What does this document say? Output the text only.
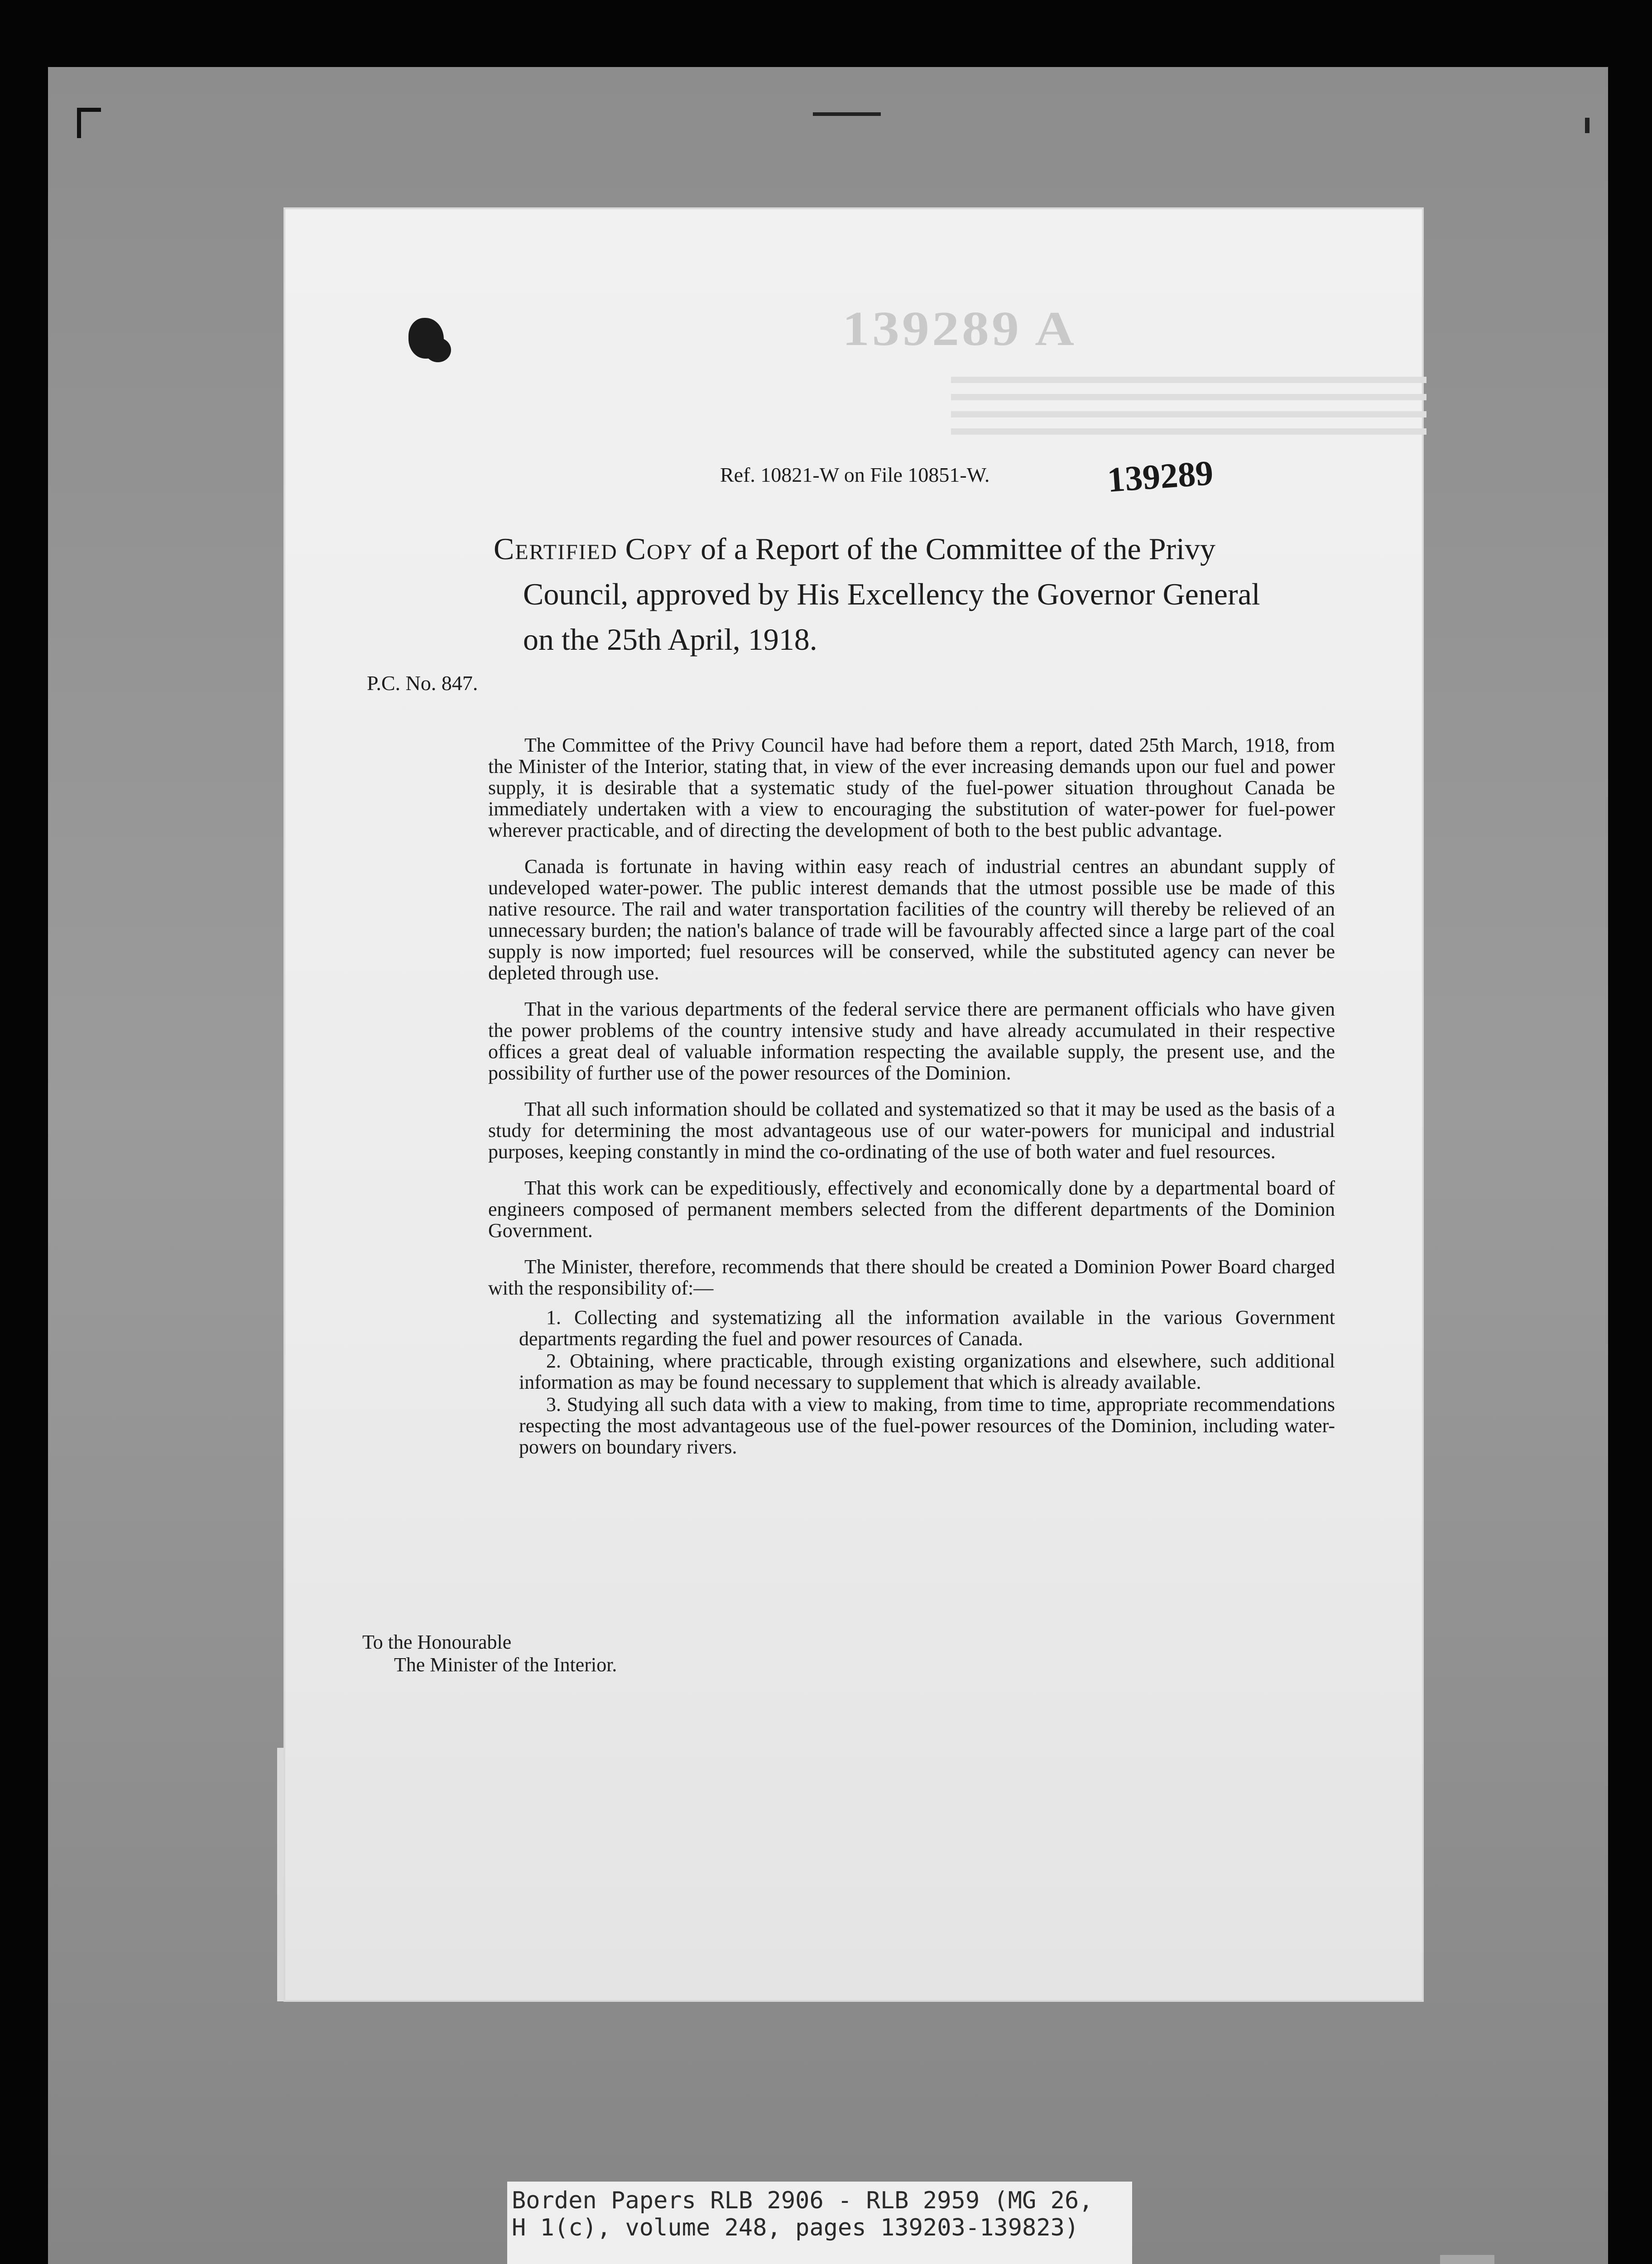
139289 A
Ref. 10821-W on File 10851-W.	139289
Certified Copy of a Report of the Committee of the Privy
Council, approved by His Excellency the Governor General
on the 25th April, 1918.
P.C. No. 847.

The Committee of the Privy Council have had before them a report, dated 25th March, 1918, from the Minister of the Interior, stating that, in view of the ever increasing demands upon our fuel and power supply, it is desirable that a systematic study of the fuel-power situation throughout Canada be immediately undertaken with a view to encouraging the substitution of water-power for fuel-power wherever practicable, and of directing the development of both to the best public advantage.

Canada is fortunate in having within easy reach of industrial centres an abundant supply of undeveloped water-power. The public interest demands that the utmost possible use be made of this native resource. The rail and water transportation facilities of the country will thereby be relieved of an unnecessary burden; the nation's balance of trade will be favourably affected since a large part of the coal supply is now imported; fuel resources will be conserved, while the substituted agency can never be depleted through use.

That in the various departments of the federal service there are permanent officials who have given the power problems of the country intensive study and have already accumulated in their respective offices a great deal of valuable information respecting the available supply, the present use, and the possibility of further use of the power resources of the Dominion.

That all such information should be collated and systematized so that it may be used as the basis of a study for determining the most advantageous use of our water-powers for municipal and industrial purposes, keeping constantly in mind the co-ordinating of the use of both water and fuel resources.

That this work can be expeditiously, effectively and economically done by a departmental board of engineers composed of permanent members selected from the different departments of the Dominion Government.

The Minister, therefore, recommends that there should be created a Dominion Power Board charged with the responsibility of:—

1. Collecting and systematizing all the information available in the various Government departments regarding the fuel and power resources of Canada.
2. Obtaining, where practicable, through existing organizations and elsewhere, such additional information as may be found necessary to supplement that which is already available.
3. Studying all such data with a view to making, from time to time, appropriate recommendations respecting the most advantageous use of the fuel-power resources of the Dominion, including water-powers on boundary rivers.
To the Honourable
The Minister of the Interior.
Borden Papers RLB 2906 - RLB 2959 (MG 26,
H 1(c), volume 248, pages 139203-139823)
